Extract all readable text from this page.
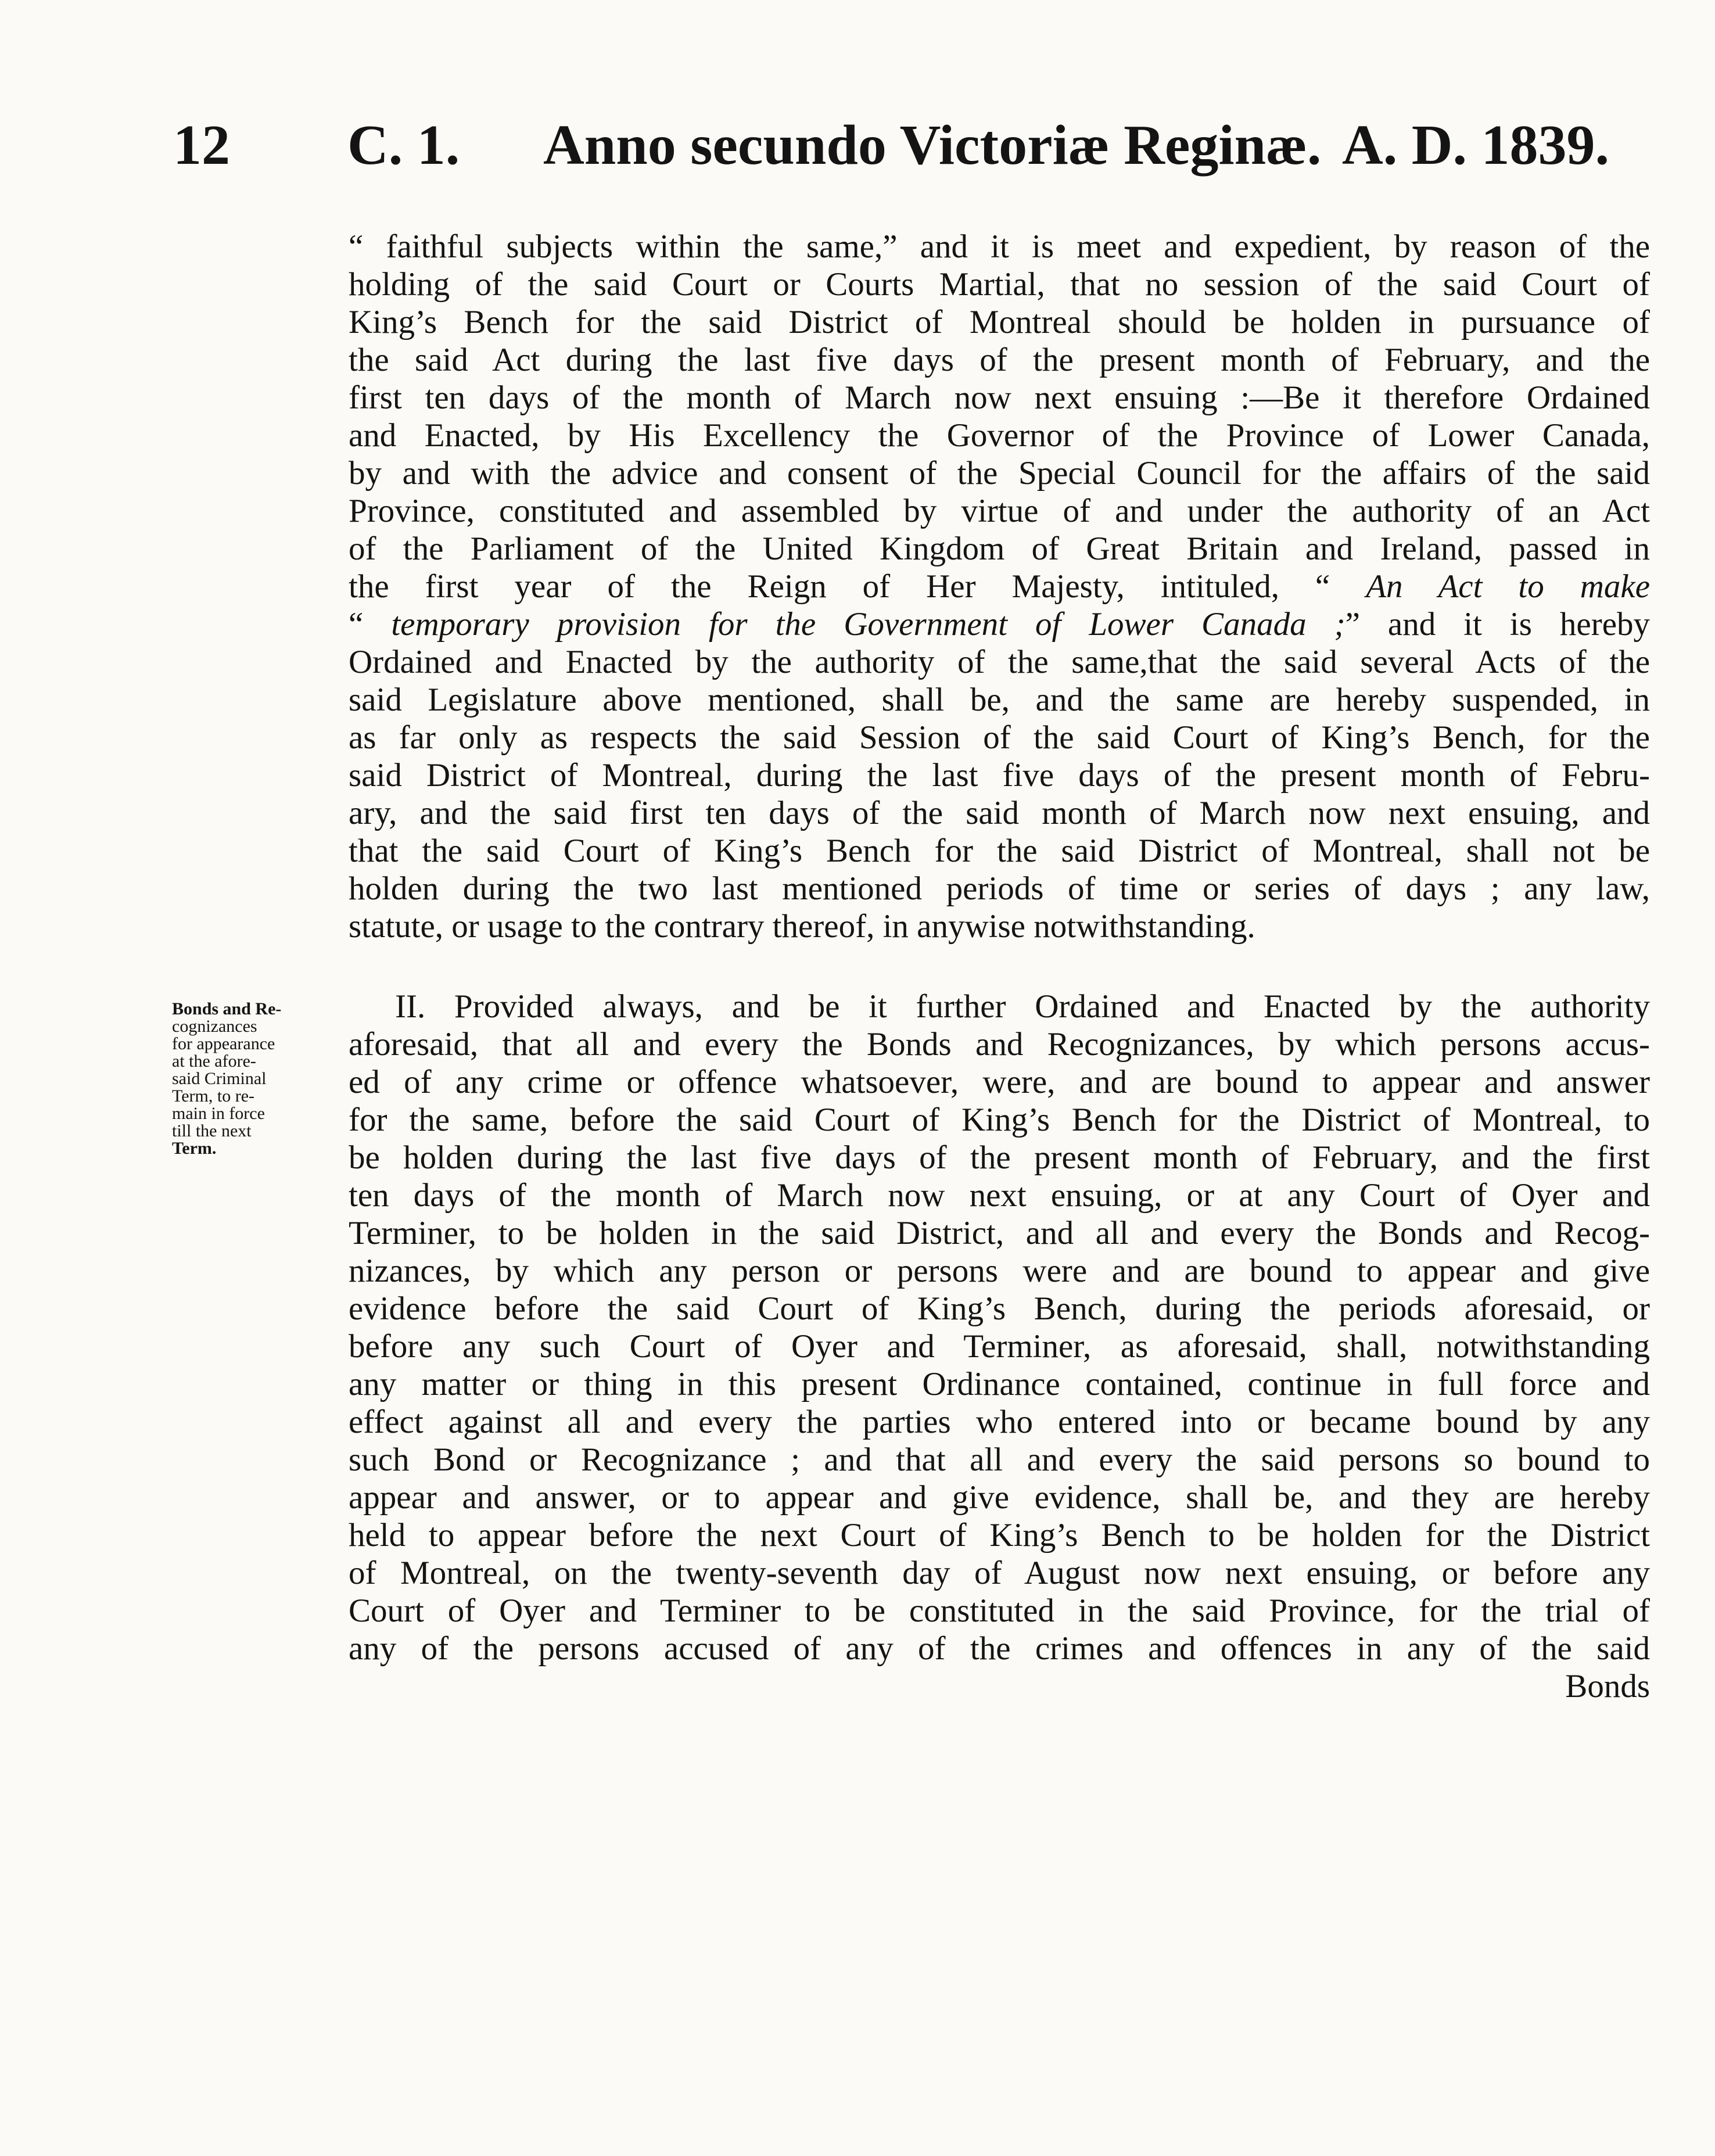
12 C. 1. Anno secundo Victoriæ Reginæ. A. D. 1839.
“ faithful subjects within the same,” and it is meet and expedient, by reason of the
holding of the said Court or Courts Martial, that no session of the said Court of
King’s Bench for the said District of Montreal should be holden in pursuance of
the said Act during the last five days of the present month of February, and the
first ten days of the month of March now next ensuing :—Be it therefore Ordained
and Enacted, by His Excellency the Governor of the Province of Lower Canada,
by and with the advice and consent of the Special Council for the affairs of the said
Province, constituted and assembled by virtue of and under the authority of an Act
of the Parliament of the United Kingdom of Great Britain and Ireland, passed in
the first year of the Reign of Her Majesty, intituled, “ An Act to make
“ temporary provision for the Government of Lower Canada ;” and it is hereby
Ordained and Enacted by the authority of the same,that the said several Acts of the
said Legislature above mentioned, shall be, and the same are hereby suspended, in
as far only as respects the said Session of the said Court of King’s Bench, for the
said District of Montreal, during the last five days of the present month of Febru-
ary, and the said first ten days of the said month of March now next ensuing, and
that the said Court of King’s Bench for the said District of Montreal, shall not be
holden during the two last mentioned periods of time or series of days ; any law,
statute, or usage to the contrary thereof, in anywise notwithstanding.
Bonds and Re-
cognizances
for appearance
at the afore-
said Criminal
Term, to re-
main in force
till the next
Term.
II. Provided always, and be it further Ordained and Enacted by the authority
aforesaid, that all and every the Bonds and Recognizances, by which persons accus-
ed of any crime or offence whatsoever, were, and are bound to appear and answer
for the same, before the said Court of King’s Bench for the District of Montreal, to
be holden during the last five days of the present month of February, and the first
ten days of the month of March now next ensuing, or at any Court of Oyer and
Terminer, to be holden in the said District, and all and every the Bonds and Recog-
nizances, by which any person or persons were and are bound to appear and give
evidence before the said Court of King’s Bench, during the periods aforesaid, or
before any such Court of Oyer and Terminer, as aforesaid, shall, notwithstanding
any matter or thing in this present Ordinance contained, continue in full force and
effect against all and every the parties who entered into or became bound by any
such Bond or Recognizance ; and that all and every the said persons so bound to
appear and answer, or to appear and give evidence, shall be, and they are hereby
held to appear before the next Court of King’s Bench to be holden for the District
of Montreal, on the twenty-seventh day of August now next ensuing, or before any
Court of Oyer and Terminer to be constituted in the said Province, for the trial of
any of the persons accused of any of the crimes and offences in any of the said
Bonds
